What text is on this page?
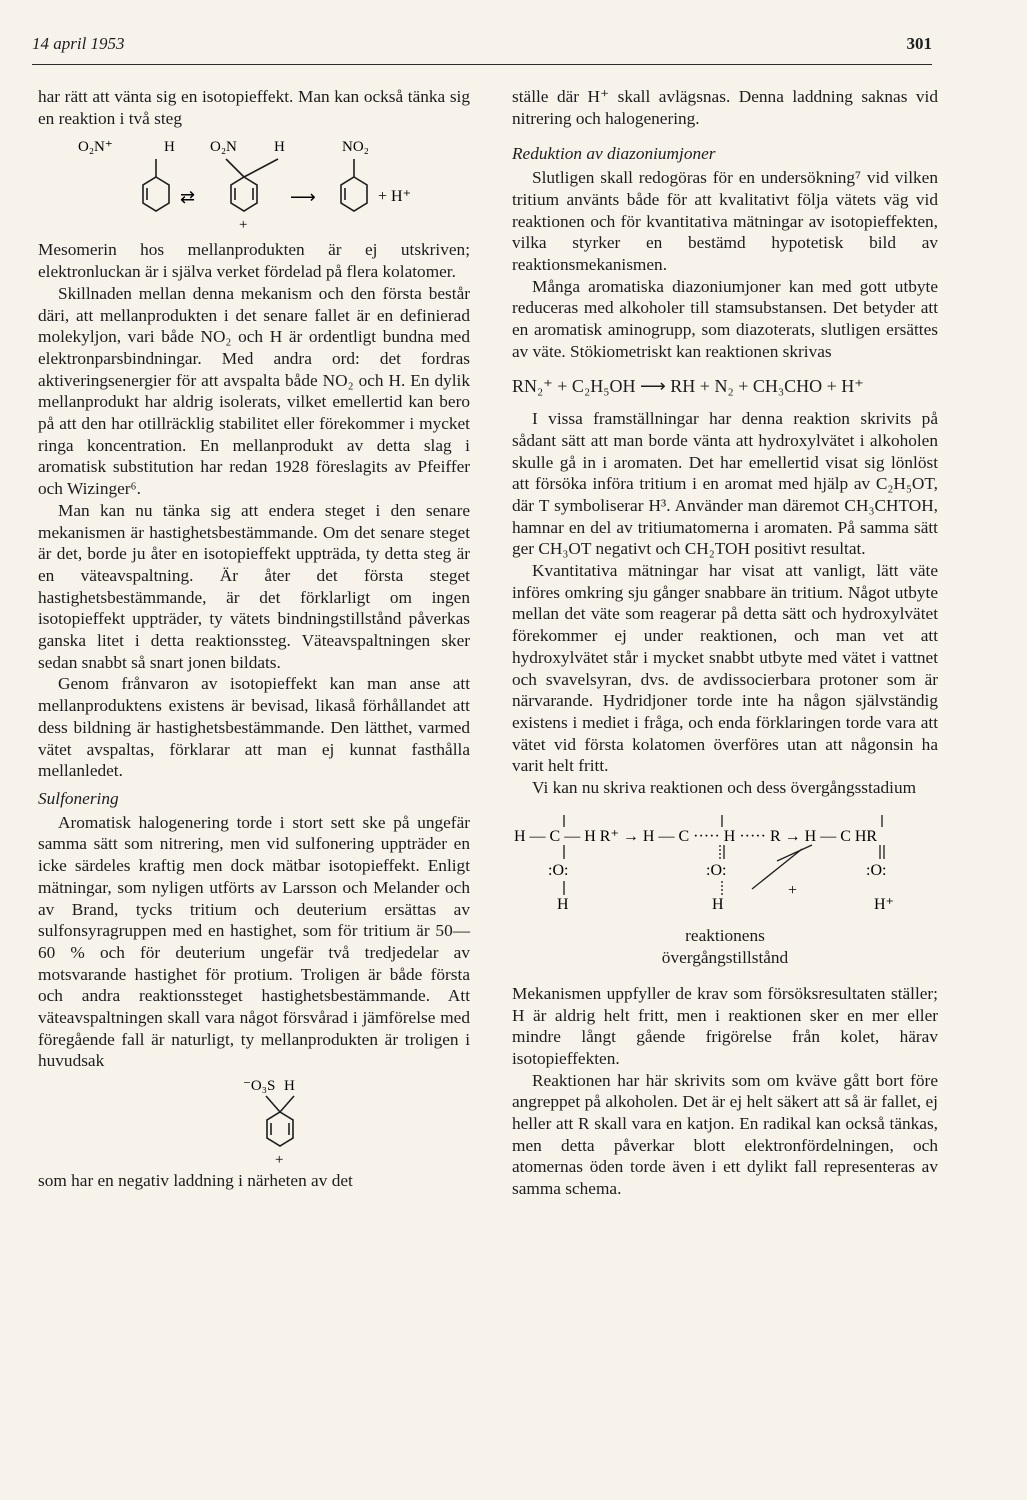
14 april 1953	301

har rätt att vänta sig en isotopieffekt. Man kan också tänka sig en reaktion i två steg

O₂N⁺	H O₂N H	NO₂
⇄
+
⟶	+ H⁺

Mesomerin hos mellanprodukten är ej utskriven; elektronluckan är i själva verket fördelad på flera kolatomer.

Skillnaden mellan denna mekanism och den första består däri, att mellanprodukten i det senare fallet är en definierad molekyljon, vari både NO₂ och H är ordentligt bundna med elektronparsbindningar. Med andra ord: det fordras aktiveringsenergier för att avspalta både NO₂ och H. En dylik mellanprodukt har aldrig isolerats, vilket emellertid kan bero på att den har otillräcklig stabilitet eller förekommer i mycket ringa koncentration. En mellanprodukt av detta slag i aromatisk substitution har redan 1928 föreslagits av Pfeiffer och Wizinger⁶.

Man kan nu tänka sig att endera steget i den senare mekanismen är hastighetsbestämmande. Om det senare steget är det, borde ju åter en isotopieffekt uppträda, ty detta steg är en väteavspaltning. Är åter det första steget hastighetsbestämmande, är det förklarligt om ingen isotopieffekt uppträder, ty vätets bindningstillstånd påverkas ganska litet i detta reaktionssteg. Väteavspaltningen sker sedan snabbt så snart jonen bildats.

Genom frånvaron av isotopieffekt kan man anse att mellanproduktens existens är bevisad, likaså förhållandet att dess bildning är hastighetsbestämmande. Den lätthet, varmed vätet avspaltas, förklarar att man ej kunnat fasthålla mellanledet.

Sulfonering

Aromatisk halogenering torde i stort sett ske på ungefär samma sätt som nitrering, men vid sulfonering uppträder en icke särdeles kraftig men dock mätbar isotopieffekt. Enligt mätningar, som nyligen utförts av Larsson och Melander och av Brand, tycks tritium och deuterium ersättas av sulfonsyragruppen med en hastighet, som för tritium är 50—60 % och för deuterium ungefär två tredjedelar av motsvarande hastighet för protium. Troligen är både första och andra reaktionssteget hastighetsbestämmande. Att väteavspaltningen skall vara något försvårad i jämförelse med föregående fall är naturligt, ty mellanprodukten är troligen i huvudsak

⁻O₃S H
+

som har en negativ laddning i närheten av det

ställe där H⁺ skall avlägsnas. Denna laddning saknas vid nitrering och halogenering.

Reduktion av diazoniumjoner

Slutligen skall redogöras för en undersökning⁷ vid vilken tritium använts både för att kvalitativt följa vätets väg vid reaktionen och för kvantitativa mätningar av isotopieffekten, vilka styrker en bestämd hypotetisk bild av reaktionsmekanismen.

Många aromatiska diazoniumjoner kan med gott utbyte reduceras med alkoholer till stamsubstansen. Det betyder att en aromatisk aminogrupp, som diazoterats, slutligen ersättes av väte. Stökiometriskt kan reaktionen skrivas

RN₂⁺ + C₂H₅OH ⟶ RH + N₂ + CH₃CHO + H⁺

I vissa framställningar har denna reaktion skrivits på sådant sätt att man borde vänta att hydroxylvätet i alkoholen skulle gå in i aromaten. Det har emellertid visat sig lönlöst att försöka införa tritium i en aromat med hjälp av C₂H₅OT, där T symboliserar H³. Använder man däremot CH₃CHTOH, hamnar en del av tritiumatomerna i aromaten. På samma sätt ger CH₃OT negativt och CH₂TOH positivt resultat.

Kvantitativa mätningar har visat att vanligt, lätt väte införes omkring sju gånger snabbare än tritium. Något utbyte mellan det väte som reagerar på detta sätt och hydroxylvätet förekommer ej under reaktionen, och man vet att hydroxylvätet står i mycket snabbt utbyte med vätet i vattnet och svavelsyran, dvs. de avdissocierbara protoner som är närvarande. Hydridjoner torde inte ha någon självständig existens i mediet i fråga, och enda förklaringen torde vara att vätet vid första kolatomen överföres utan att någonsin ha varit helt fritt.

Vi kan nu skriva reaktionen och dess övergångsstadium

H — C — H R⁺ → H — C ····· H ····· R → H — C HR
:O:	:O:	:O:
H	H	H⁺
+
reaktionens
övergångstillstånd

Mekanismen uppfyller de krav som försöksresultaten ställer; H är aldrig helt fritt, men i reaktionen sker en mer eller mindre långt gående frigörelse från kolet, härav isotopieffekten.

Reaktionen har här skrivits som om kväve gått bort före angreppet på alkoholen. Det är ej helt säkert att så är fallet, ej heller att R skall vara en katjon. En radikal kan också tänkas, men detta påverkar blott elektronfördelningen, och atomernas öden torde även i ett dylikt fall representeras av samma schema.
